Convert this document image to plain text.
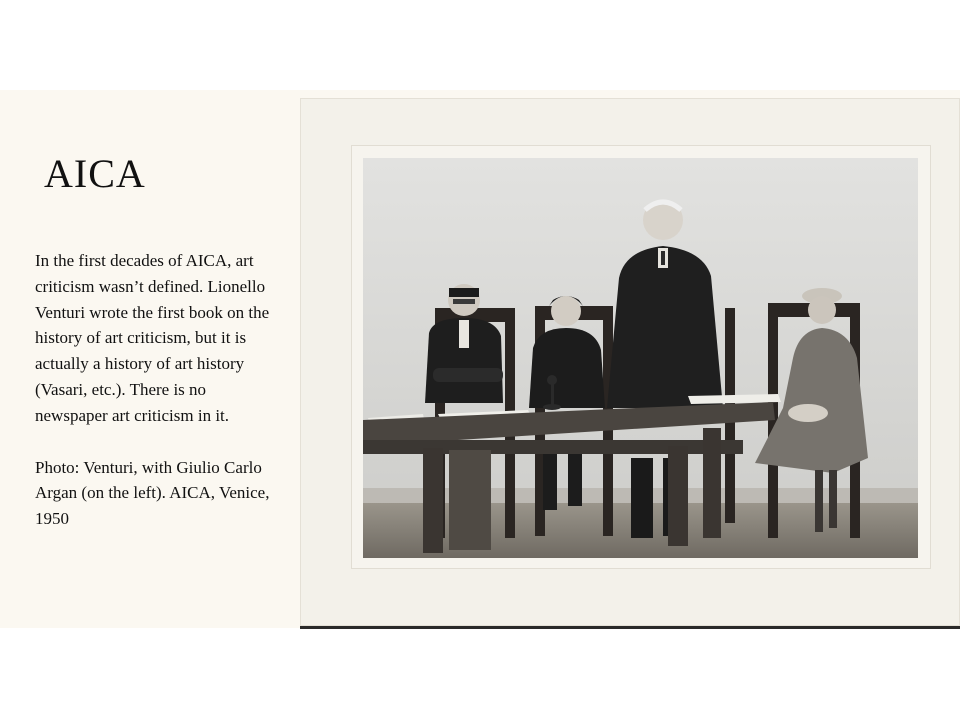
AICA

In the first decades of AICA, art criticism wasn’t defined. Lionello Venturi wrote the first book on the history of art criticism, but it is actually a history of art history (Vasari, etc.). There is no newspaper art criticism in it.

Photo: Venturi, with Giulio Carlo Argan (on the left). AICA, Venice, 1950
